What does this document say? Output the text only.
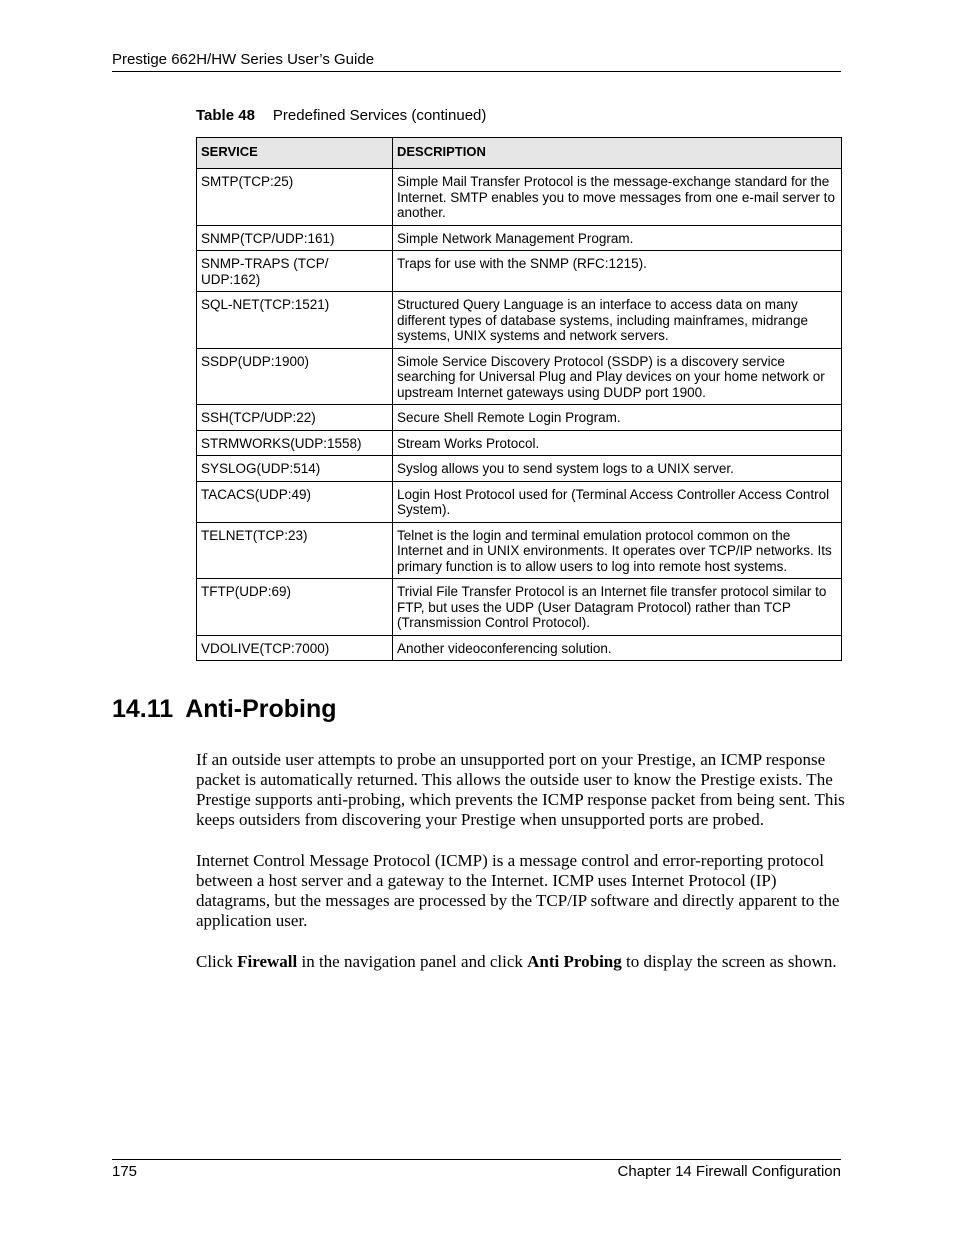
Prestige 662H/HW Series User’s Guide
Table 48 Predefined Services (continued)
SERVICE	DESCRIPTION
SMTP(TCP:25)	Simple Mail Transfer Protocol is the message-exchange standard for the Internet. SMTP enables you to move messages from one e-mail server to another.
SNMP(TCP/UDP:161)	Simple Network Management Program.
SNMP-TRAPS (TCP/ UDP:162)	Traps for use with the SNMP (RFC:1215).
SQL-NET(TCP:1521)	Structured Query Language is an interface to access data on many different types of database systems, including mainframes, midrange systems, UNIX systems and network servers.
SSDP(UDP:1900)	Simole Service Discovery Protocol (SSDP) is a discovery service searching for Universal Plug and Play devices on your home network or upstream Internet gateways using DUDP port 1900.
SSH(TCP/UDP:22)	Secure Shell Remote Login Program.
STRMWORKS(UDP:1558)	Stream Works Protocol.
SYSLOG(UDP:514)	Syslog allows you to send system logs to a UNIX server.
TACACS(UDP:49)	Login Host Protocol used for (Terminal Access Controller Access Control System).
TELNET(TCP:23)	Telnet is the login and terminal emulation protocol common on the Internet and in UNIX environments. It operates over TCP/IP networks. Its primary function is to allow users to log into remote host systems.
TFTP(UDP:69)	Trivial File Transfer Protocol is an Internet file transfer protocol similar to FTP, but uses the UDP (User Datagram Protocol) rather than TCP (Transmission Control Protocol).
VDOLIVE(TCP:7000)	Another videoconferencing solution.
14.11 Anti-Probing

If an outside user attempts to probe an unsupported port on your Prestige, an ICMP response packet is automatically returned. This allows the outside user to know the Prestige exists. The Prestige supports anti-probing, which prevents the ICMP response packet from being sent. This keeps outsiders from discovering your Prestige when unsupported ports are probed.

Internet Control Message Protocol (ICMP) is a message control and error-reporting protocol between a host server and a gateway to the Internet. ICMP uses Internet Protocol (IP) datagrams, but the messages are processed by the TCP/IP software and directly apparent to the application user.

Click Firewall in the navigation panel and click Anti Probing to display the screen as shown.

175	Chapter 14 Firewall Configuration
